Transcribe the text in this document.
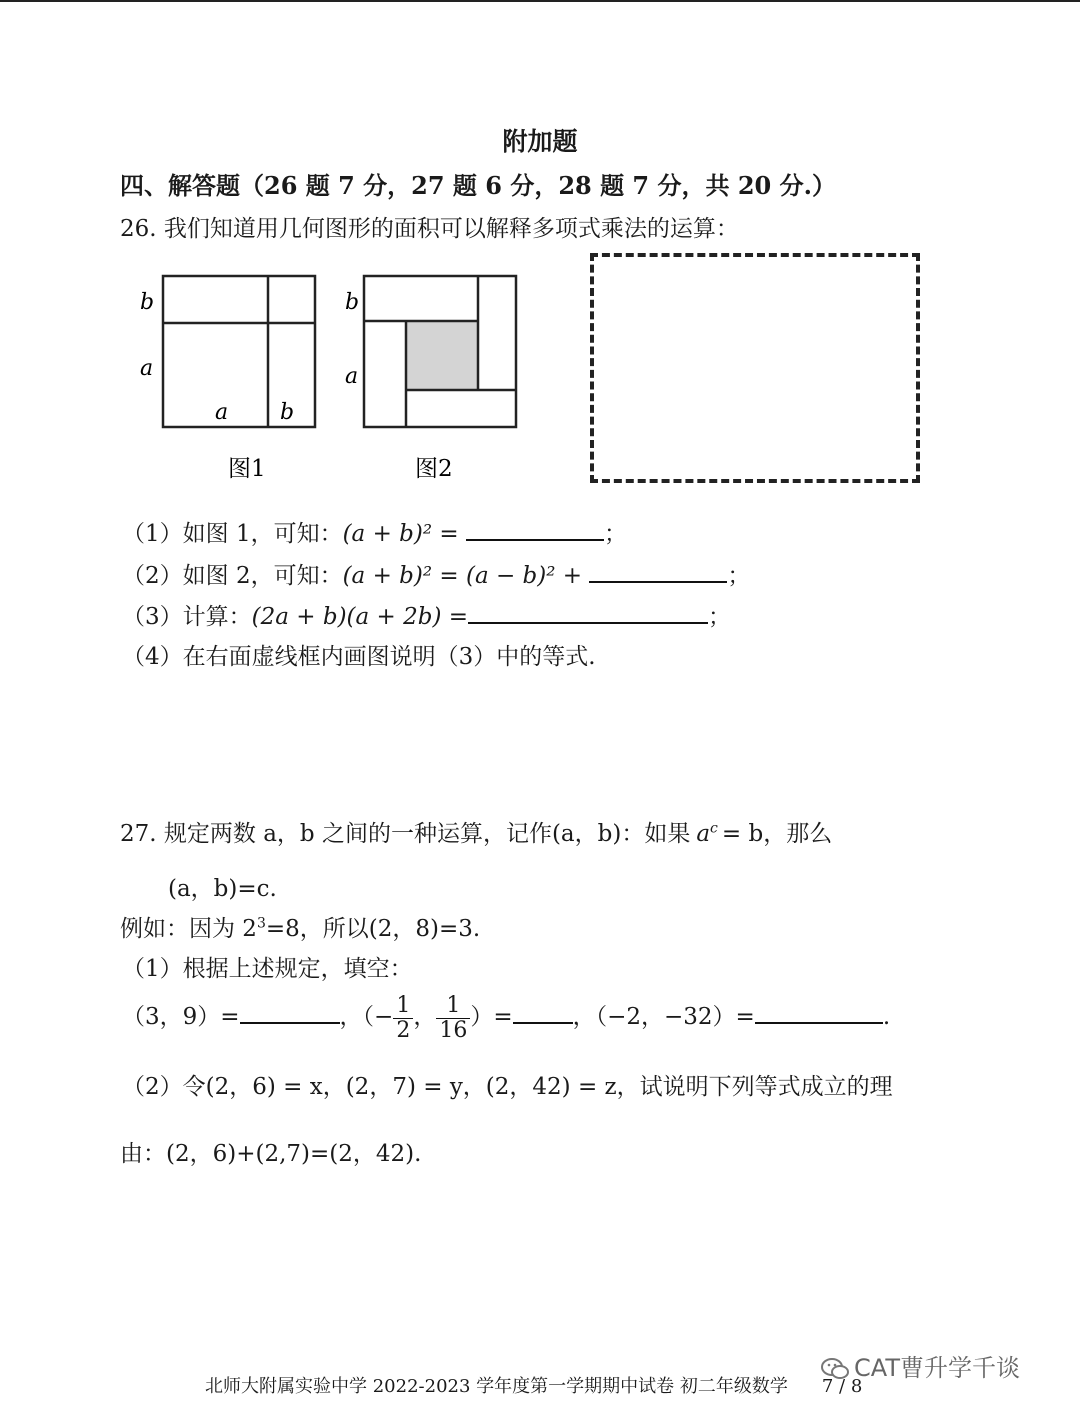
附加题
四、解答题（26 题 7 分，27 题 6 分，28 题 7 分，共 20 分.）
26. 我们知道用几何图形的面积可以解释多项式乘法的运算：
b
a
a b
图1
b
a
图2
（1）如图 1，可知：(a + b)² =	；
（2）如图 2，可知：(a + b)² = (a − b)² +	；
（3）计算：(2a + b)(a + 2b) =	；
（4）在右面虚线框内画图说明（3）中的等式.
27. 规定两数 a，b 之间的一种运算，记作(a，b)：如果 $a^c = b$，那么
(a，b)=c.
例如：因为 $2^3=8$，所以(2，8)=3.
（1）根据上述规定，填空：
（3，9）=	，（− $\frac{1}{2}$ ， $\frac{1}{16}$ ）=	，（−2，−32）=	.
（2）令(2，6) = x，(2，7) = y，(2，42) = z，试说明下列等式成立的理
由：(2，6)+(2,7)=(2，42).
CAT曹升学千谈
北师大附属实验中学 2022-2023 学年度第一学期期中试卷 初二年级数学 7 / 8
